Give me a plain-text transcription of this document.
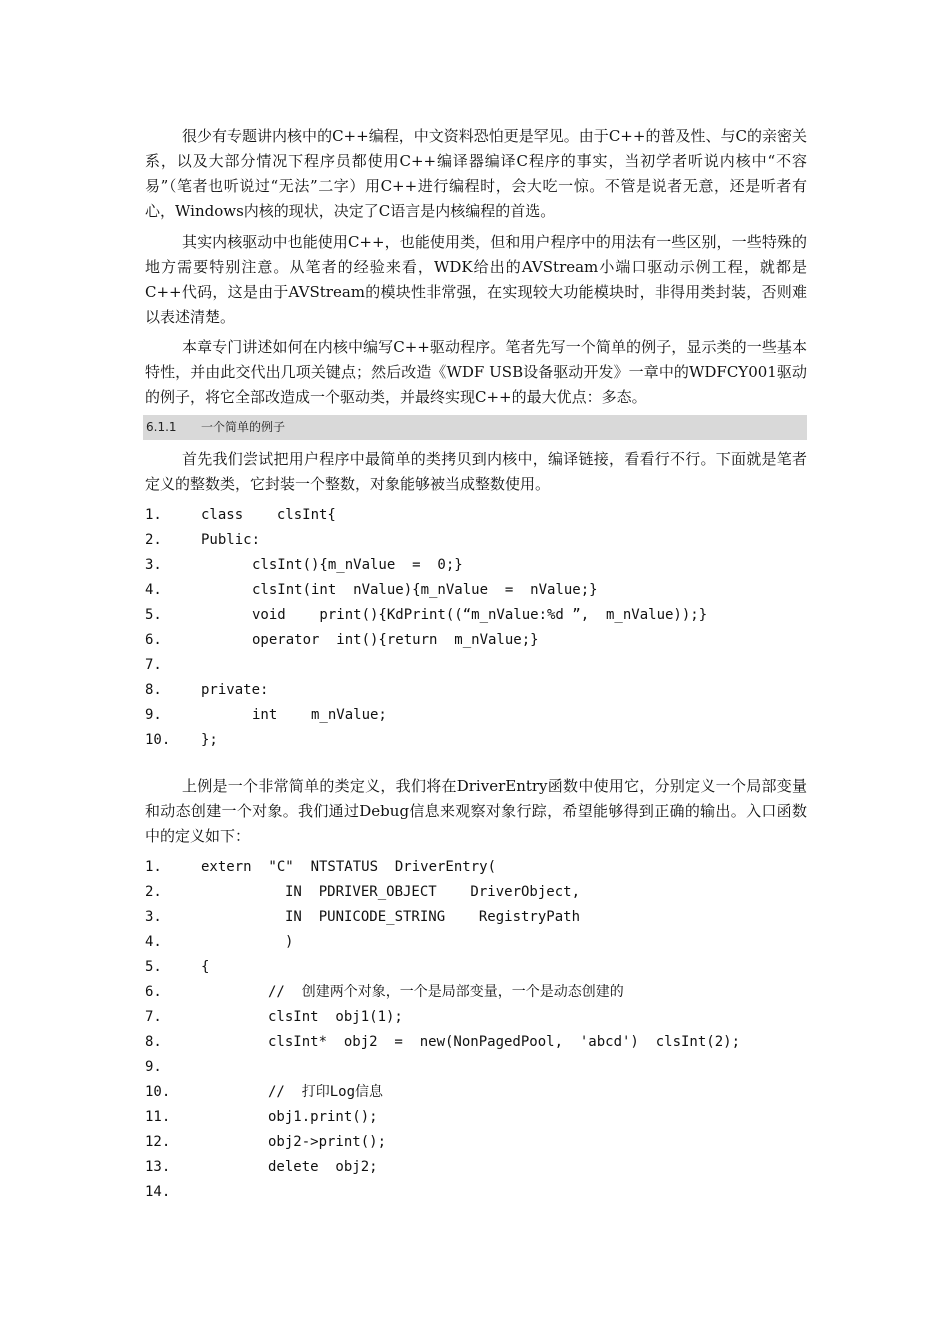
很少有专题讲内核中的C++编程，中文资料恐怕更是罕见。由于C++的普及性、与C的亲密关系，以及大部分情况下程序员都使用C++编译器编译C程序的事实，当初学者听说内核中“不容易”（笔者也听说过“无法”二字）用C++进行编程时，会大吃一惊。不管是说者无意，还是听者有心，Windows内核的现状，决定了C语言是内核编程的首选。

其实内核驱动中也能使用C++，也能使用类，但和用户程序中的用法有一些区别，一些特殊的地方需要特别注意。从笔者的经验来看，WDK给出的AVStream小端口驱动示例工程，就都是C++代码，这是由于AVStream的模块性非常强，在实现较大功能模块时，非得用类封装，否则难以表述清楚。

本章专门讲述如何在内核中编写C++驱动程序。笔者先写一个简单的例子，显示类的一些基本特性，并由此交代出几项关键点；然后改造《WDF USB设备驱动开发》一章中的WDFCY001驱动的例子，将它全部改造成一个驱动类，并最终实现C++的最大优点：多态。

6.1.1 一个简单的例子

首先我们尝试把用户程序中最简单的类拷贝到内核中，编译链接，看看行不行。下面就是笔者定义的整数类，它封装一个整数，对象能够被当成整数使用。

1.	class    clsInt{
2.	Public:
3.	clsInt(){m_nValue  =  0;}
4.	clsInt(int  nValue){m_nValue  =  nValue;}
5.	void    print(){KdPrint((“m_nValue:%d ”,  m_nValue));}
6.	operator  int(){return  m_nValue;}
7.
8.	private:
9.	int    m_nValue;
10. };

上例是一个非常简单的类定义，我们将在DriverEntry函数中使用它，分别定义一个局部变量和动态创建一个对象。我们通过Debug信息来观察对象行踪，希望能够得到正确的输出。入口函数中的定义如下：

1.	extern  "C"  NTSTATUS  DriverEntry(
2.	IN  PDRIVER_OBJECT    DriverObject,
3.	IN  PUNICODE_STRING    RegistryPath
4.	)
5.	{
6.	//  创建两个对象，一个是局部变量，一个是动态创建的
7.	clsInt  obj1(1);
8.	clsInt*  obj2  =  new(NonPagedPool,  'abcd')  clsInt(2);
9.
10.	//  打印Log信息
11.	obj1.print();
12.	obj2->print();
13.	delete  obj2;
14.
